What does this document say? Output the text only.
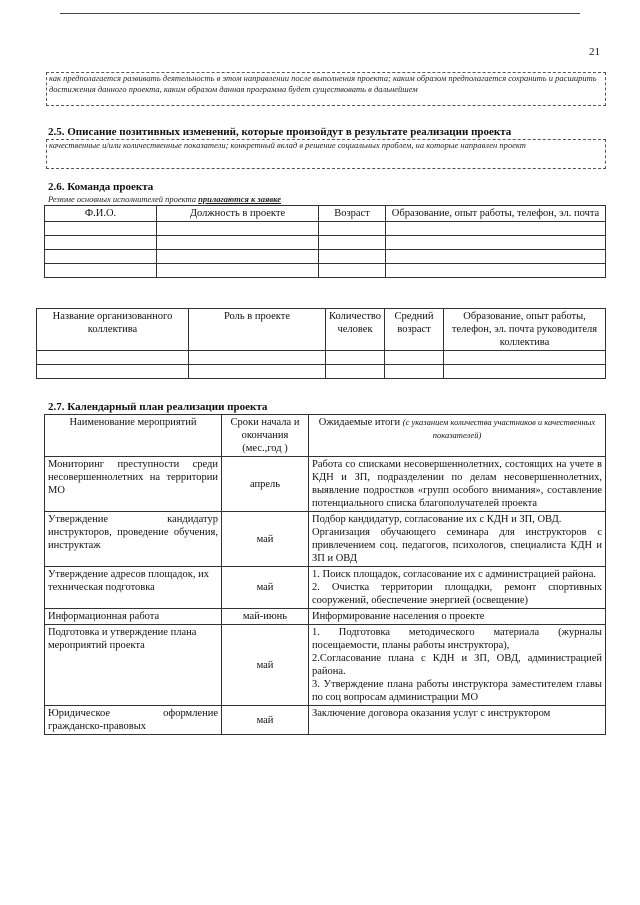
21
как предполагается развивать деятельность в этом направлении после выполнения проекта; каким образом предполагается сохранить и расширить достижения данного проекта, каким образом данная программа будет существовать в дальнейшем
2.5. Описание позитивных изменений, которые произойдут в результате реализации проекта
качественные и/или количественные показатели; конкретный вклад в решение социальных проблем, на которые направлен проект
2.6. Команда проекта
Резюме основных исполнителей проекта прилагаются к заявке
Ф.И.О.	Должность в проекте	Возраст	Образование, опыт работы, телефон, эл. почта

Название организованного коллектива	Роль в проекте	Количество человек	Средний возраст	Образование, опыт работы, телефон, эл. почта руководителя коллектива

2.7. Календарный план реализации проекта
Наименование мероприятий	Сроки начала и окончания (мес.,год )	Ожидаемые итоги (с указанием количества участников и качественных показателей)
Мониторинг преступности среди несовершеннолетних на территории МО	апрель	Работа со списками несовершеннолетних, состоящих на учете в КДН и ЗП, подразделении по делам несовершеннолетних, выявление подростков «групп особого внимания», составление потенциального списка благополучателей проекта

Утверждение кандидатур инструкторов, проведение обучения, инструктаж	май	Подбор кандидатур, согласование их с КДН и ЗП, ОВД.
Организация обучающего семинара для инструкторов с привлечением соц. педагогов, психологов, специалиста КДН и ЗП и ОВД

Утверждение адресов площадок, их техническая подготовка	май	1. Поиск площадок, согласование их с администрацией района.
2. Очистка территории площадки, ремонт спортивных сооружений, обеспечение энергией (освещение)

Информационная работа	май-июнь	Информирование населения о проекте

Подготовка и утверждение плана мероприятий проекта	май	1. Подготовка методического материала (журналы посещаемости, планы работы инструктора),
2.Согласование плана с КДН и ЗП, ОВД, администрацией района.
3. Утверждение плана работы инструктора заместителем главы по соц вопросам администрации МО

Юридическое оформление гражданско-правовых	май	Заключение договора оказания услуг с инструктором
